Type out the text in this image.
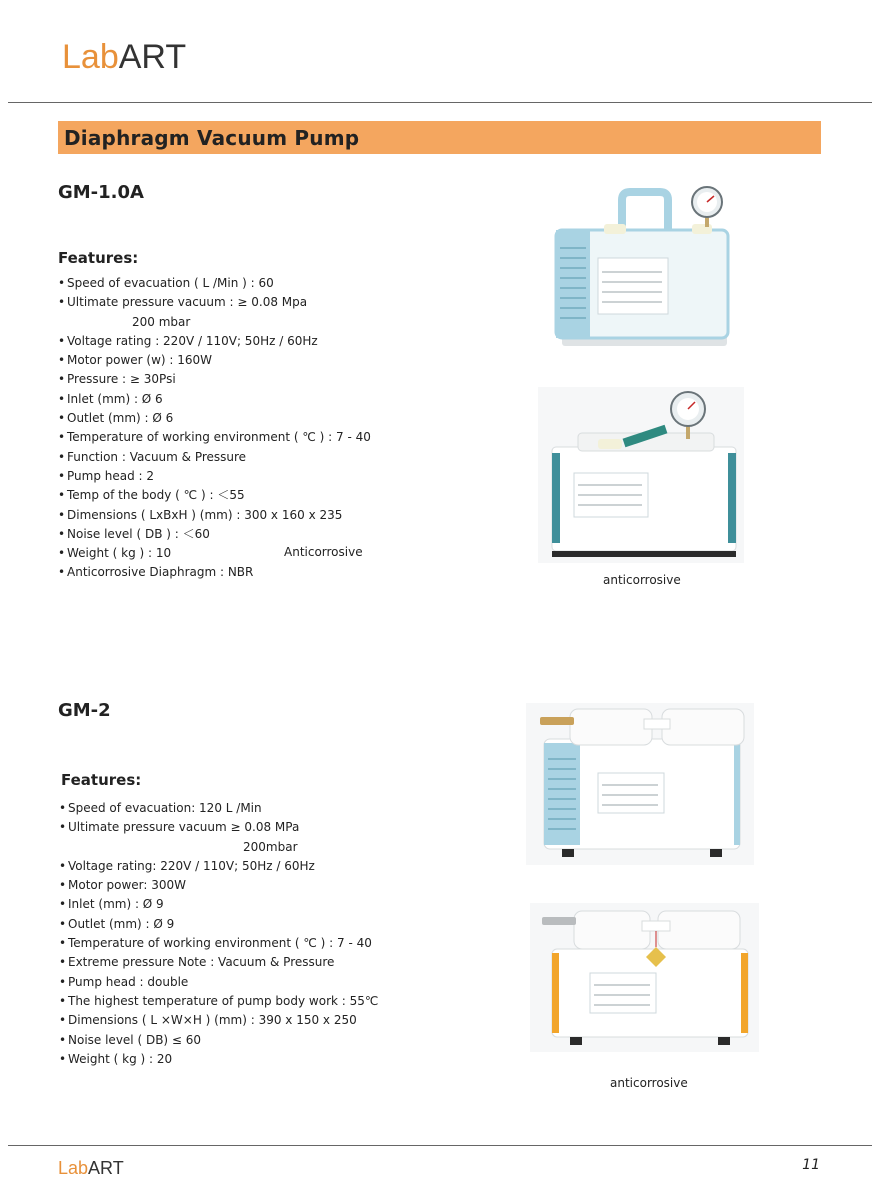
LabART
Diaphragm Vacuum Pump
GM-1.0A
Features:
• Speed of evacuation ( L /Min ) : 60
• Ultimate pressure vacuum : ≥ 0.08 Mpa
200 mbar
• Voltage rating : 220V / 110V; 50Hz / 60Hz
• Motor power (w) : 160W
• Pressure : ≥ 30Psi
• Inlet (mm) : Ø 6
• Outlet (mm) : Ø 6
• Temperature of working environment ( ℃ ) : 7 - 40
• Function : Vacuum & Pressure
• Pump head : 2
• Temp of the body ( ℃ ) : ＜55
• Dimensions ( LxBxH ) (mm) : 300 x 160 x 235
• Noise level ( DB ) : ＜60
• Weight ( kg ) : 10
• Anticorrosive Diaphragm : NBR
Anticorrosive
anticorrosive
GM-2
Features:
• Speed of evacuation: 120 L /Min
• Ultimate pressure vacuum ≥ 0.08 MPa
200mbar
• Voltage rating: 220V / 110V; 50Hz / 60Hz
• Motor power: 300W
• Inlet (mm) : Ø 9
• Outlet (mm) : Ø 9
• Temperature of working environment ( ℃ ) : 7 - 40
• Extreme pressure Note : Vacuum & Pressure
• Pump head : double
• The highest temperature of pump body work : 55℃
• Dimensions ( L ×W×H ) (mm) : 390 x 150 x 250
• Noise level ( DB) ≤ 60
• Weight ( kg ) : 20
anticorrosive
LabART	11
